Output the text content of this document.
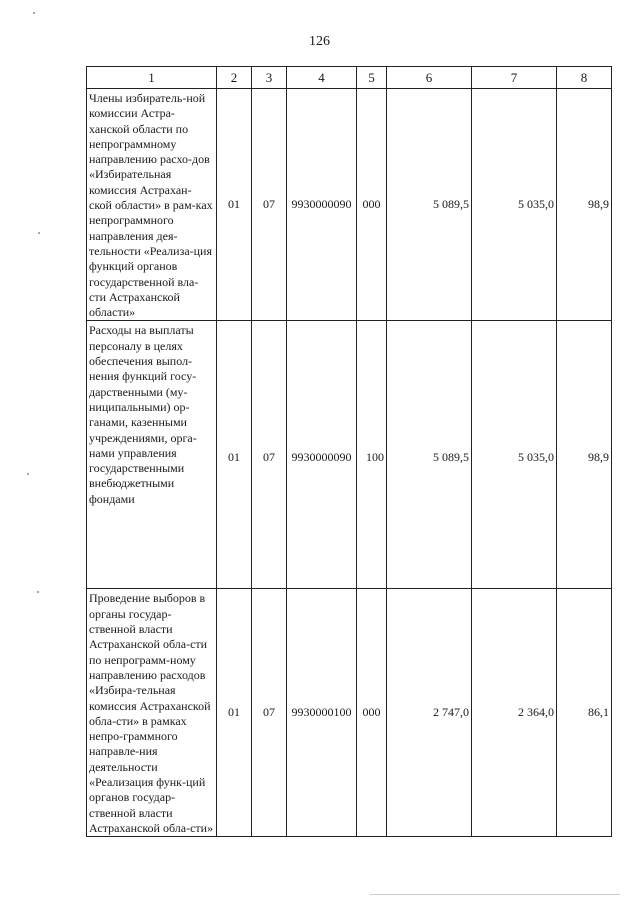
126
1	2	3	4	5	6	7	8
Члены избиратель-ной комиссии Астра-ханской области по непрограммному направлению расхо-дов «Избирательная комиссия Астрахан-ской области» в рам-ках непрограммного направления дея-тельности «Реализа-ция функций органов государственной вла-сти Астраханской области»	01	07	9930000090	000	5 089,5	5 035,0	98,9
Расходы на выплаты персоналу в целях обеспечения выпол-нения функций госу-дарственными (му-ниципальными) ор-ганами, казенными учреждениями, орга-нами управления государственными внебюджетными фондами	01	07	9930000090	100	5 089,5	5 035,0	98,9
Проведение выборов в органы государ-ственной власти Астраханской обла-сти по непрограмм-ному направлению расходов «Избира-тельная комиссия Астраханской обла-сти» в рамках непро-граммного направле-ния деятельности «Реализация функ-ций органов государ-ственной власти Астраханской обла-сти»	01	07	9930000100	000	2 747,0	2 364,0	86,1
